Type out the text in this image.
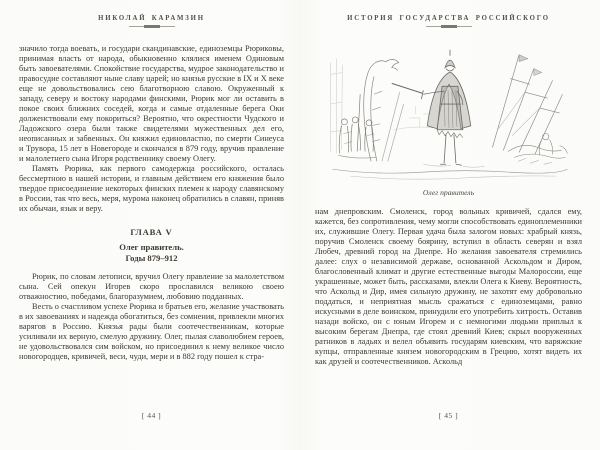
НИКОЛАЙ КАРАМЗИН

значило тогда воевать, и государи скандинавские, единоземцы Рюриковы, принимая власть от народа, обыкновенно клялися именем Одиновым быть завоевателями. Спокойствие государства, мудрое законодательство и правосудие составляют ныне славу царей; но князья русские в IX и X веке еще не довольствовались сею благотворною славою. Окруженный к западу, северу и востоку народами финскими, Рюрик мог ли оставить в покое своих ближних соседей, когда и самые отдаленные берега Оки долженствовали ему покориться? Вероятно, что окрестности Чудского и Ладожского озера были также свидетелями мужественных дел его, неописанных и забвенных. Он княжил единовластно, по смерти Синеуса и Трувора, 15 лет в Новегороде и скончался в 879 году, вручив правление и малолетнего сына Игоря родственнику своему Олегу.

Память Рюрика, как первого самодержца российского, осталась бессмертною в нашей истории, и главным действием его княжения было твердое присоединение некоторых финских племен к народу славянскому в России, так что весь, меря, мурома наконец обратились в славян, приняв их обычаи, язык и веру.

ГЛАВА V
Олег правитель.
Годы 879–912

Рюрик, по словам летописи, вручил Олегу правление за малолетством сына. Сей опекун Игорев скоро прославился великою своею отважностию, победами, благоразумием, любовию подданных.

Весть о счастливом успехе Рюрика и братьев его, желание участвовать в их завоеваниях и надежда обогатиться, без сомнения, привлекли многих варягов в Россию. Князья рады были соотечественникам, которые усиливали их верную, смелую дружину. Олег, пылая славолюбием героев, не удовольствовался сим войском, но присоединил к нему великое число новогородцев, кривичей, веси, чуди, мери и в 882 году пошел к стра-

[ 44 ]
ИСТОРИЯ ГОСУДАРСТВА РОССИЙСКОГО
Олег правитель

нам днепровским. Смоленск, город вольных кривичей, сдался ему, кажется, без сопротивления, чему могли способствовать единоплеменники их, служившие Олегу. Первая удача была залогом новых: храбрый князь, поручив Смоленск своему боярину, вступил в область северян и взял Любеч, древний город на Днепре. Но желания завоевателя стремились далее: слух о независимой державе, основанной Аскольдом и Диром, благословенный климат и другие естественные выгоды Малороссии, еще украшенные, может быть, рассказами, влекли Олега к Киеву. Вероятность, что Аскольд и Дир, имея сильную дружину, не захотят ему добровольно поддаться, и неприятная мысль сражаться с единоземцами, равно искусными в деле воинском, принудили его употребить хитрость. Оставив назади войско, он с юным Игорем и с немногими людьми приплыл к высоким берегам Днепра, где стоял древний Киев; скрыл вооруженных ратников в ладьях и велел объявить государям киевским, что варяжские купцы, отправленные князем новогородским в Грецию, хотят видеть их как друзей и соотечественников. Аскольд

[ 45 ]
